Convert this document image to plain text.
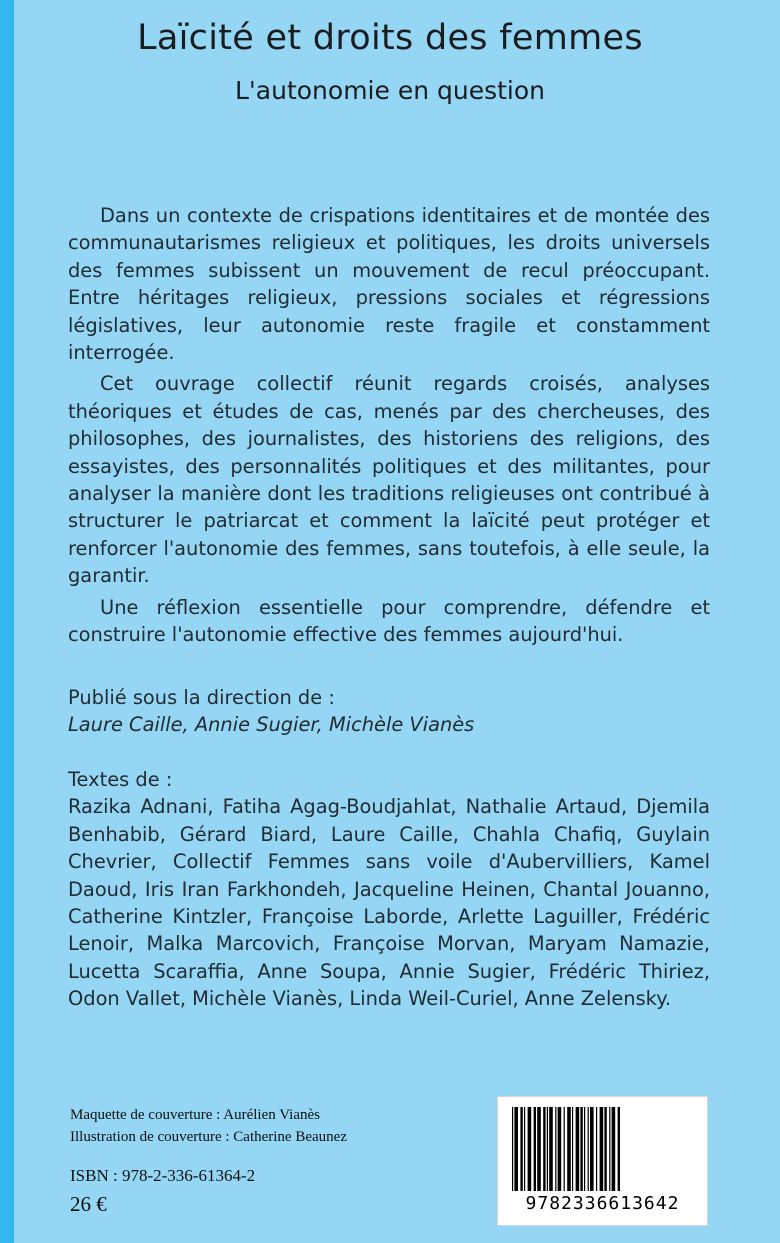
Laïcité et droits des femmes
L'autonomie en question

Dans un contexte de crispations identitaires et de montée des communautarismes religieux et politiques, les droits universels des femmes subissent un mouvement de recul préoccupant. Entre héritages religieux, pressions sociales et régressions législatives, leur autonomie reste fragile et constamment interrogée.

Cet ouvrage collectif réunit regards croisés, analyses théoriques et études de cas, menés par des chercheuses, des philosophes, des journalistes, des historiens des religions, des essayistes, des personnalités politiques et des militantes, pour analyser la manière dont les traditions religieuses ont contribué à structurer le patriarcat et comment la laïcité peut protéger et renforcer l'autonomie des femmes, sans toutefois, à elle seule, la garantir.

Une réflexion essentielle pour comprendre, défendre et construire l'autonomie effective des femmes aujourd'hui.

Publié sous la direction de :
Laure Caille, Annie Sugier, Michèle Vianès
Textes de :
Razika Adnani, Fatiha Agag-Boudjahlat, Nathalie Artaud, Djemila Benhabib, Gérard Biard, Laure Caille, Chahla Chafiq, Guylain Chevrier, Collectif Femmes sans voile d'Aubervilliers, Kamel Daoud, Iris Iran Farkhondeh, Jacqueline Heinen, Chantal Jouanno, Catherine Kintzler, Françoise Laborde, Arlette Laguiller, Frédéric Lenoir, Malka Marcovich, Françoise Morvan, Maryam Namazie, Lucetta Scaraffia, Anne Soupa, Annie Sugier, Frédéric Thiriez, Odon Vallet, Michèle Vianès, Linda Weil-Curiel, Anne Zelensky.
Maquette de couverture : Aurélien Vianès
Illustration de couverture : Catherine Beaunez
ISBN : 978-2-336-61364-2
26 €	9782336613642
